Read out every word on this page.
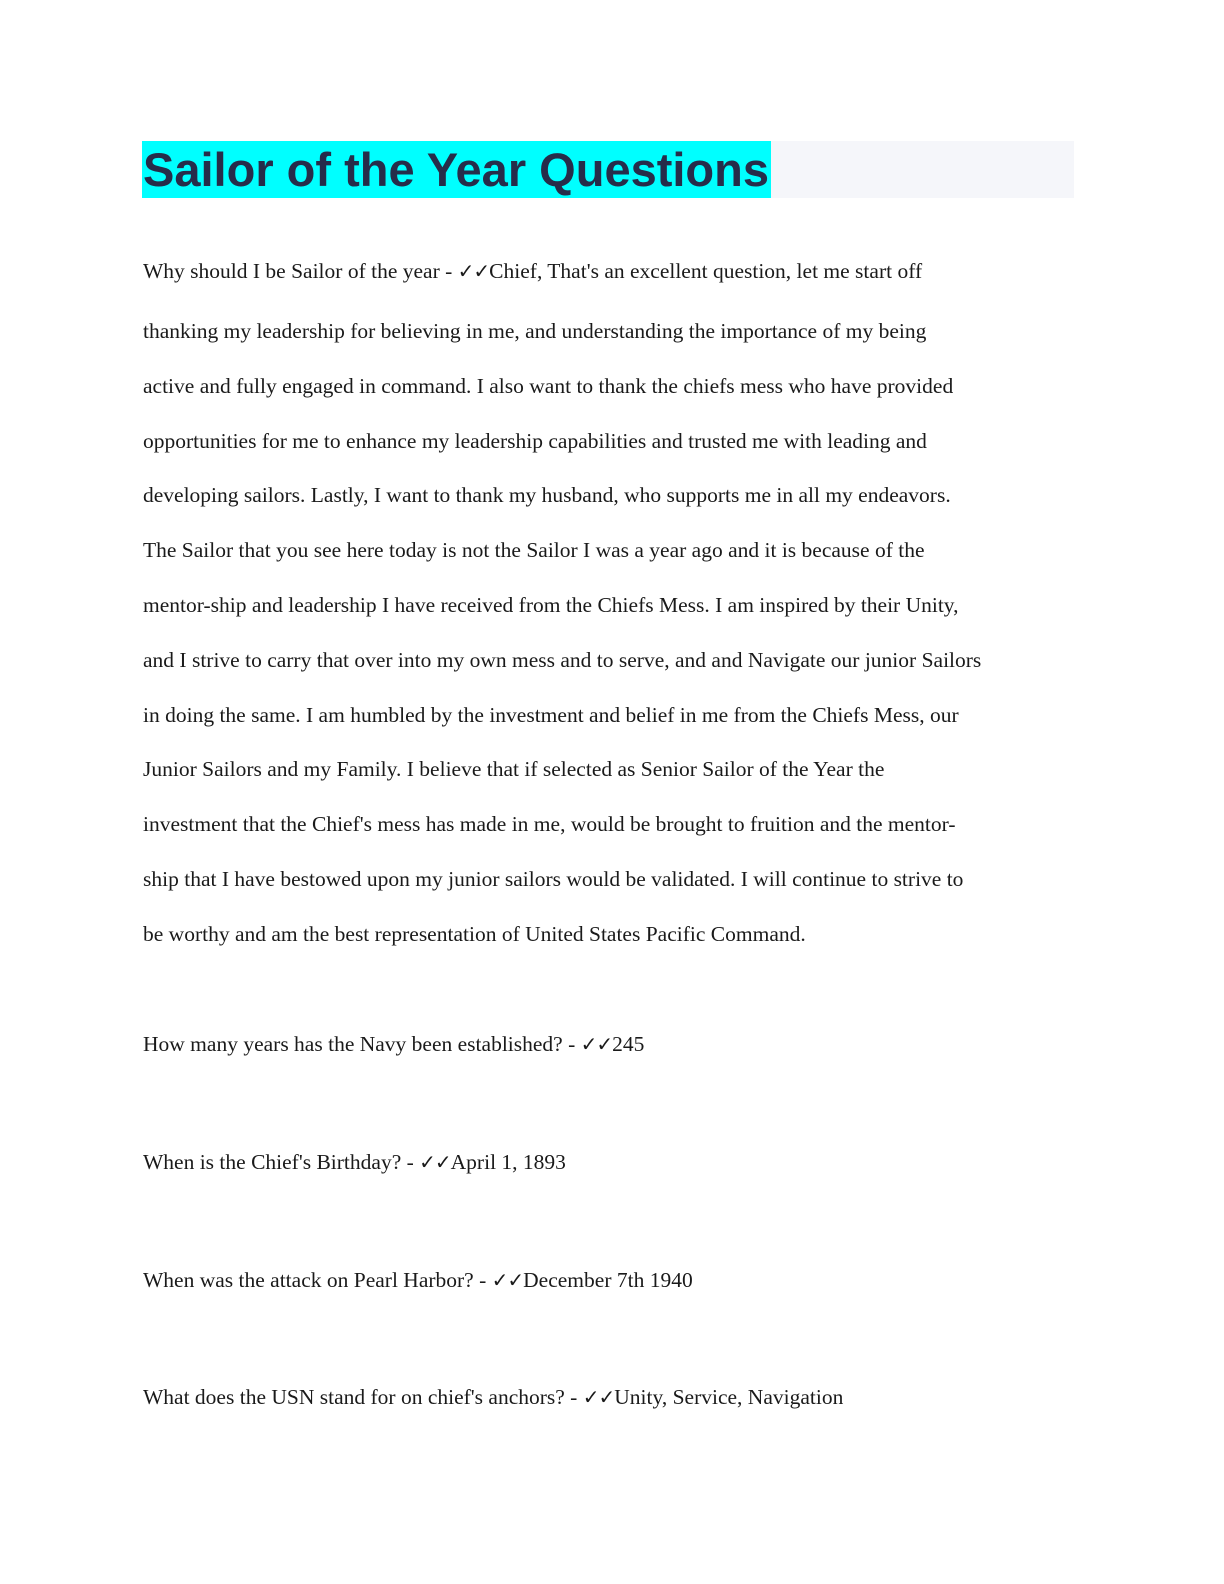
Sailor of the Year Questions
Why should I be Sailor of the year - ✓✓Chief, That's an excellent question, let me start off
thanking my leadership for believing in me, and understanding the importance of my being
active and fully engaged in command. I also want to thank the chiefs mess who have provided
opportunities for me to enhance my leadership capabilities and trusted me with leading and
developing sailors. Lastly, I want to thank my husband, who supports me in all my endeavors.
The Sailor that you see here today is not the Sailor I was a year ago and it is because of the
mentor-ship and leadership I have received from the Chiefs Mess. I am inspired by their Unity,
and I strive to carry that over into my own mess and to serve, and and Navigate our junior Sailors
in doing the same. I am humbled by the investment and belief in me from the Chiefs Mess, our
Junior Sailors and my Family. I believe that if selected as Senior Sailor of the Year the
investment that the Chief's mess has made in me, would be brought to fruition and the mentor-
ship that I have bestowed upon my junior sailors would be validated. I will continue to strive to
be worthy and am the best representation of United States Pacific Command.

How many years has the Navy been established? - ✓✓245

When is the Chief's Birthday? - ✓✓April 1, 1893

When was the attack on Pearl Harbor? - ✓✓December 7th 1940

What does the USN stand for on chief's anchors? - ✓✓Unity, Service, Navigation
